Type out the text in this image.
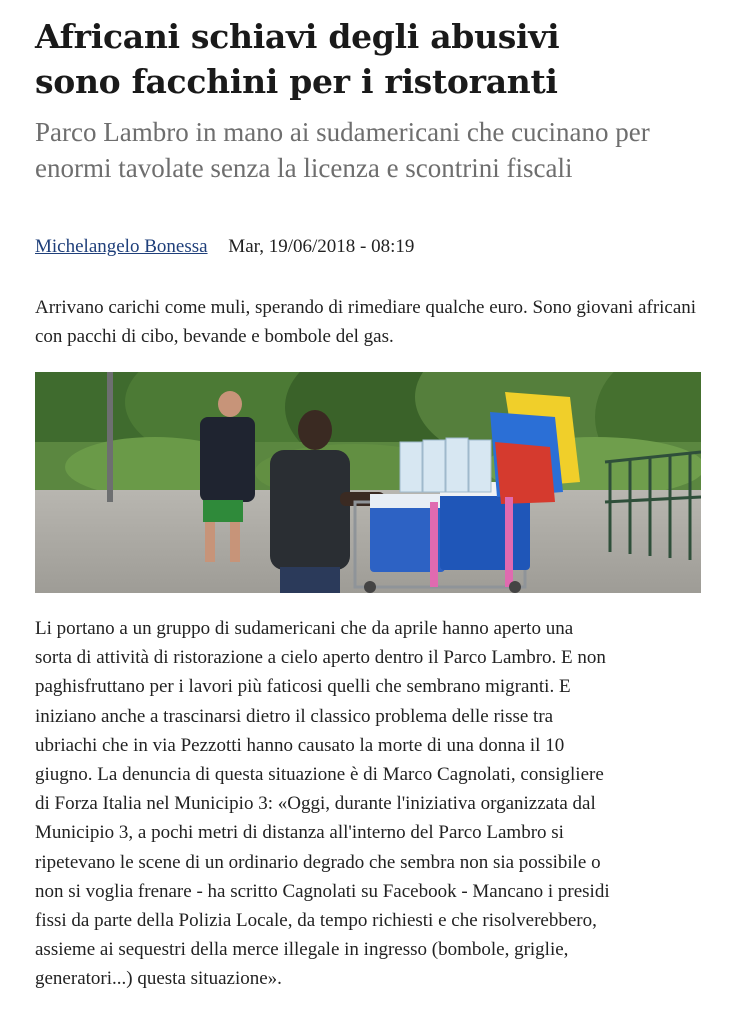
Africani schiavi degli abusivi
sono facchini per i ristoranti
Parco Lambro in mano ai sudamericani che cucinano per enormi tavolate senza la licenza e scontrini fiscali
Michelangelo Bonessa Mar, 19/06/2018 - 08:19

Arrivano carichi come muli, sperando di rimediare qualche euro. Sono giovani africani con pacchi di cibo, bevande e bombole del gas.

Li portano a un gruppo di sudamericani che da aprile hanno aperto una
sorta di attività di ristorazione a cielo aperto dentro il Parco Lambro. E non
paghisfruttano per i lavori più faticosi quelli che sembrano migranti. E
iniziano anche a trascinarsi dietro il classico problema delle risse tra
ubriachi che in via Pezzotti hanno causato la morte di una donna il 10
giugno. La denuncia di questa situazione è di Marco Cagnolati, consigliere
di Forza Italia nel Municipio 3: «Oggi, durante l'iniziativa organizzata dal
Municipio 3, a pochi metri di distanza all'interno del Parco Lambro si
ripetevano le scene di un ordinario degrado che sembra non sia possibile o
non si voglia frenare - ha scritto Cagnolati su Facebook - Mancano i presidi
fissi da parte della Polizia Locale, da tempo richiesti e che risolverebbero,
assieme ai sequestri della merce illegale in ingresso (bombole, griglie,
generatori...) questa situazione».
